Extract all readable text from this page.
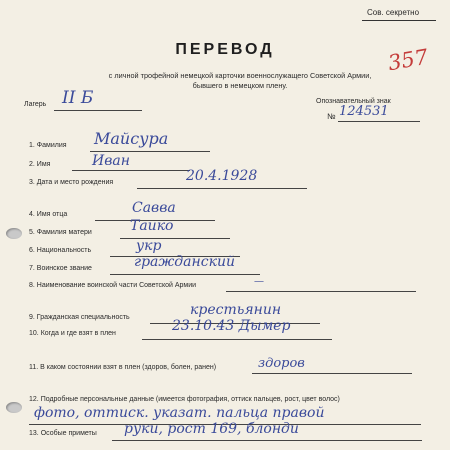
Сов. секретно
357
ПЕРЕВОД
с личной трофейной немецкой карточки военнослужащего Советской Армии,
бывшего в немецком плену.
Лагерь II Б	Опознавательный знак
№ 124531
1. Фамилия Майсура
2. Имя	Иван
3. Дата и место рождения	20.4.1928
4. Имя отца	Савва
5. Фамилия матери	Таико
6. Национальность	укр
7. Воинское звание	гражданский
8. Наименование воинской части Советской Армии	—
9. Гражданская специальность	крестьянин
10. Когда и где взят в плен	23.10.43 Дымер
11. В каком состоянии взят в плен (здоров, болен, ранен)	здоров
12. Подробные персональные данные (имеется фотография, оттиск пальцев, рост, цвет волос)
фото, оттиск. указат. пальца правой
13. Особые приметы руки, рост 169, блонди
